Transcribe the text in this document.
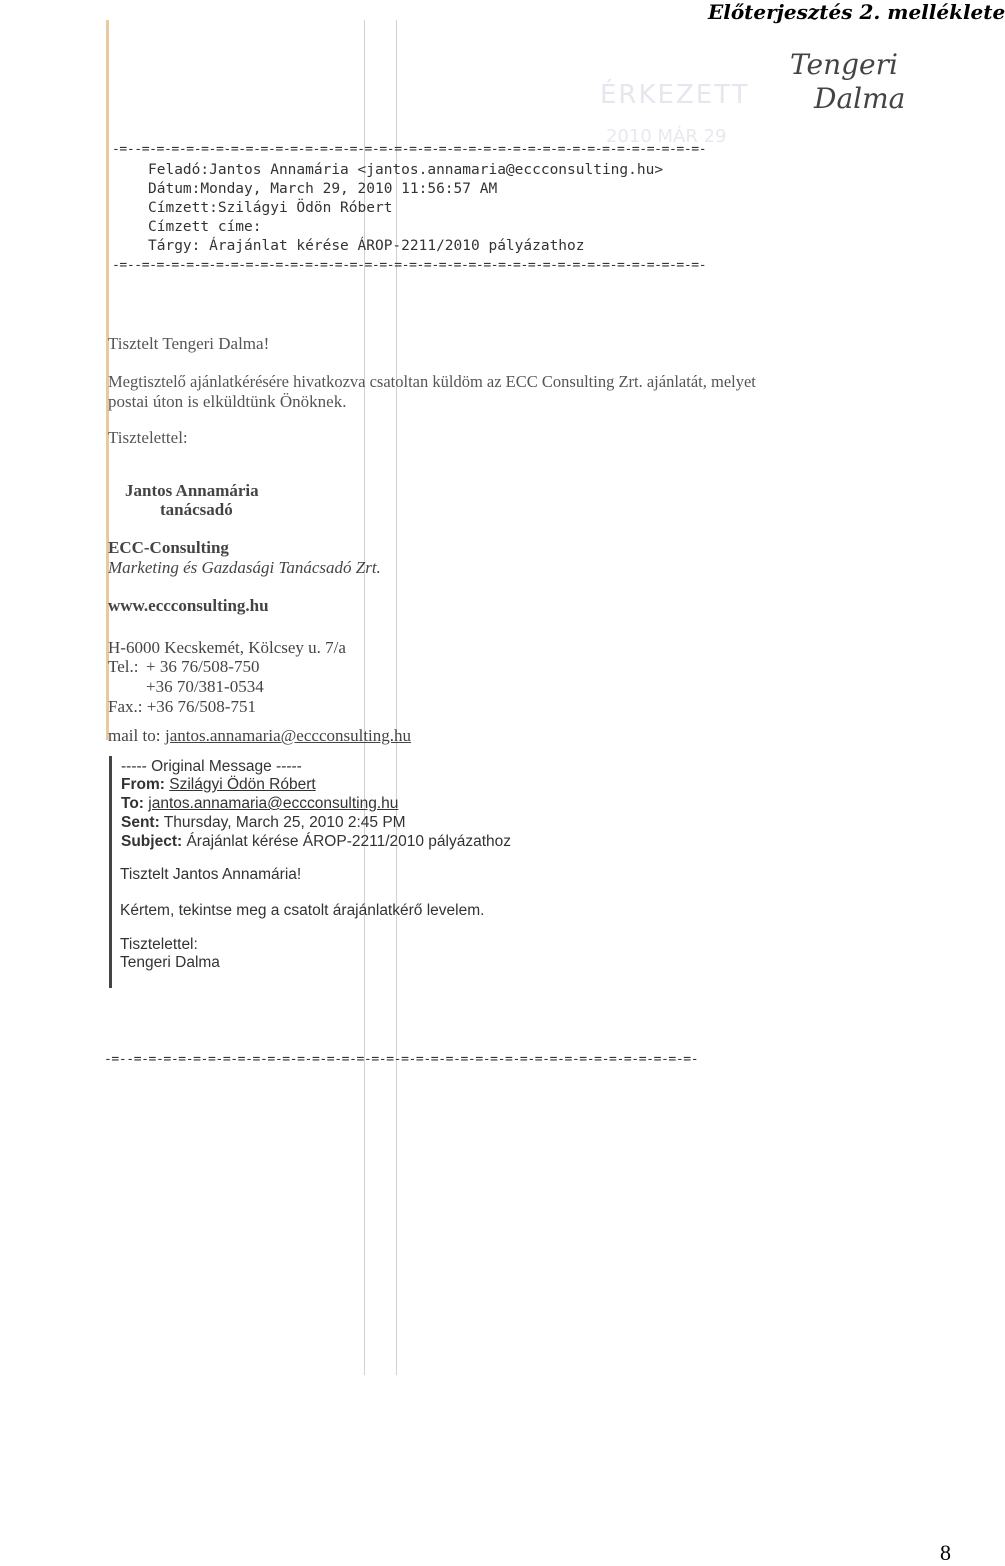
Előterjesztés 2. melléklete
ÉRKEZETT
2010 MÁR 29
Tengeri
Dalma
-=--=-=-=-=-=-=-=-=-=-=-=-=-=-=-=-=-=-=-=-=-=-=-=-=-=-=-=-=-=-=-=-=-=-=-=-=-=-=-
Feladó:Jantos Annamária <jantos.annamaria@eccconsulting.hu>
Dátum:Monday, March 29, 2010 11:56:57 AM
Címzett:Szilágyi Ödön Róbert
Címzett címe:
Tárgy: Árajánlat kérése ÁROP-2211/2010 pályázathoz
-=--=-=-=-=-=-=-=-=-=-=-=-=-=-=-=-=-=-=-=-=-=-=-=-=-=-=-=-=-=-=-=-=-=-=-=-=-=-=-
Tisztelt Tengeri Dalma!
Megtisztelő ajánlatkérésére hivatkozva csatoltan küldöm az ECC Consulting Zrt. ajánlatát, melyet
postai úton is elküldtünk Önöknek.
Tisztelettel:
Jantos Annamária
tanácsadó
ECC-Consulting
Marketing és Gazdasági Tanácsadó Zrt.
www.eccconsulting.hu
H-6000 Kecskemét, Kölcsey u. 7/a
Tel.: + 36 76/508-750
+36 70/381-0534
Fax.: +36 76/508-751
mail to: jantos.annamaria@eccconsulting.hu
----- Original Message -----
From: Szilágyi Ödön Róbert
To: jantos.annamaria@eccconsulting.hu
Sent: Thursday, March 25, 2010 2:45 PM
Subject: Árajánlat kérése ÁROP-2211/2010 pályázathoz
Tisztelt Jantos Annamária!
Kértem, tekintse meg a csatolt árajánlatkérő levelem.
Tisztelettel:
Tengeri Dalma
-=--=-=-=-=-=-=-=-=-=-=-=-=-=-=-=-=-=-=-=-=-=-=-=-=-=-=-=-=-=-=-=-=-=-=-=-=-=-=-
8
